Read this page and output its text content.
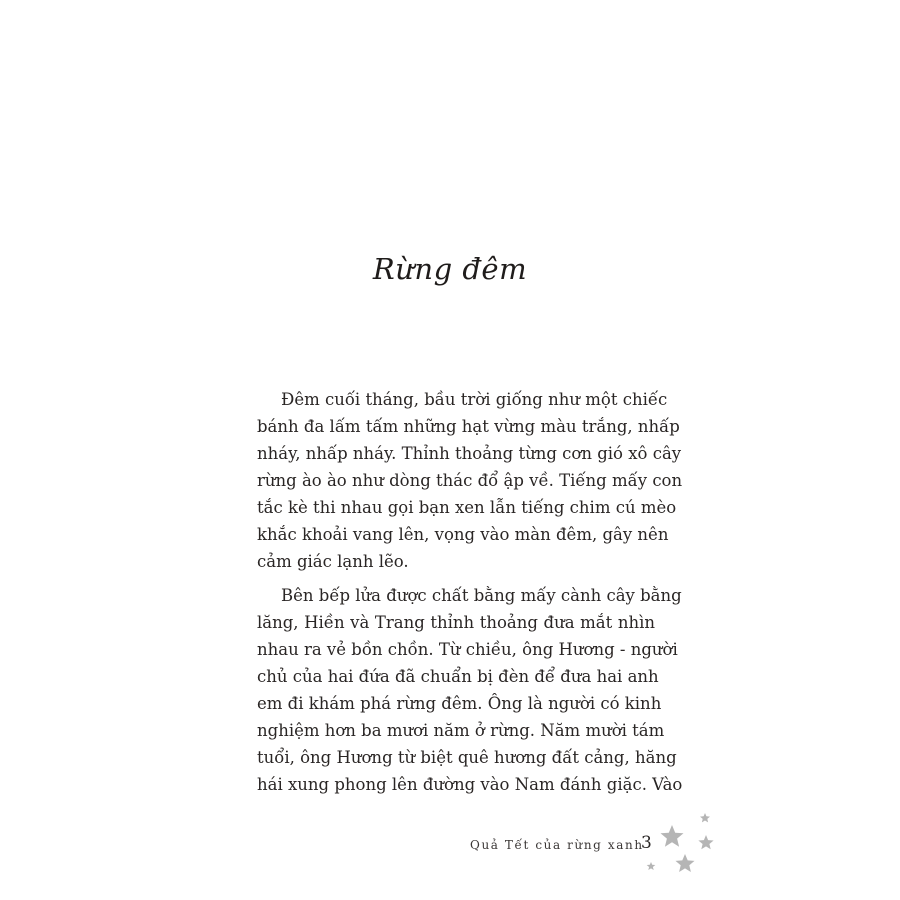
Rừng đêm

Đêm cuối tháng, bầu trời giống như một chiếc
bánh đa lấm tấm những hạt vừng màu trắng, nhấp
nháy, nhấp nháy. Thỉnh thoảng từng cơn gió xô cây
rừng ào ào như dòng thác đổ ập về. Tiếng mấy con
tắc kè thi nhau gọi bạn xen lẫn tiếng chim cú mèo
khắc khoải vang lên, vọng vào màn đêm, gây nên
cảm giác lạnh lẽo.

Bên bếp lửa được chất bằng mấy cành cây bằng
lăng, Hiền và Trang thỉnh thoảng đưa mắt nhìn
nhau ra vẻ bồn chồn. Từ chiều, ông Hương - người
chủ của hai đứa đã chuẩn bị đèn để đưa hai anh
em đi khám phá rừng đêm. Ông là người có kinh
nghiệm hơn ba mươi năm ở rừng. Năm mười tám
tuổi, ông Hương từ biệt quê hương đất cảng, hăng
hái xung phong lên đường vào Nam đánh giặc. Vào

Quả Tết của rừng xanh
3
